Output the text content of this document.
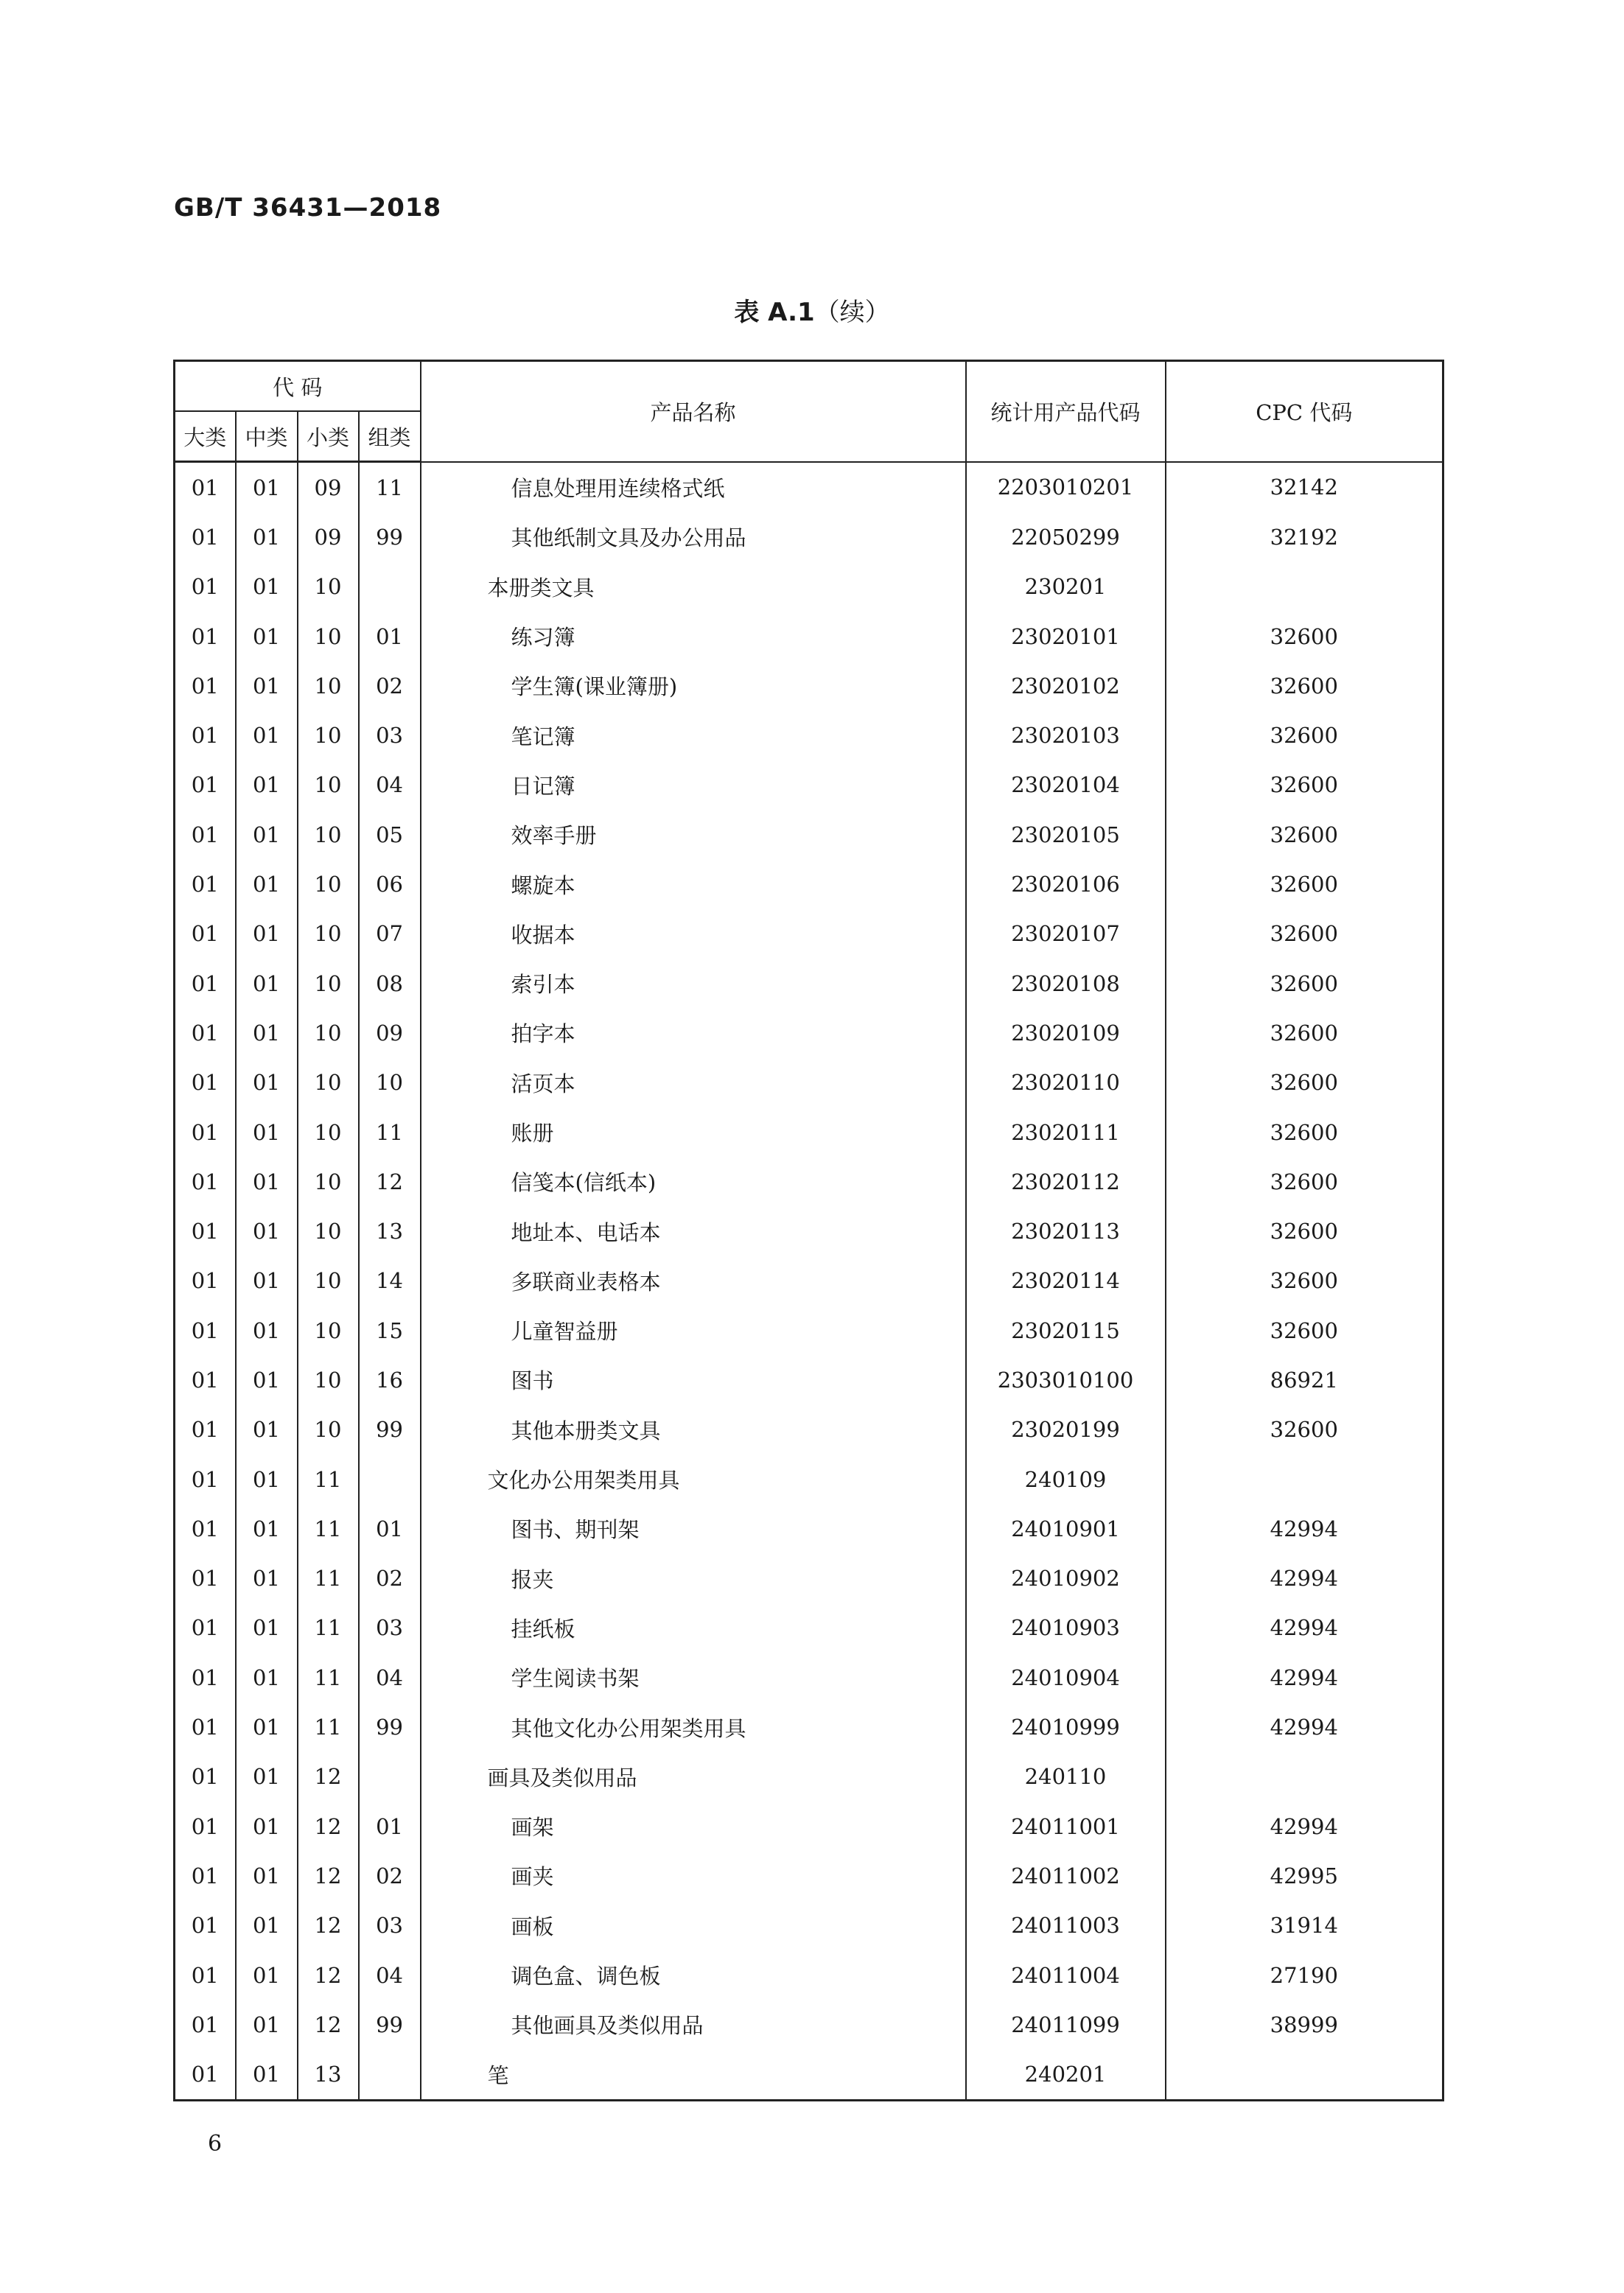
GB/T 36431—2018
表 A.1（续）
代 码				产品名称	统计用产品代码	CPC 代码
大类	中类	小类	组类			
01	01	09	11	信息处理用连续格式纸	2203010201	32142
01	01	09	99	其他纸制文具及办公用品	22050299	32192
01	01	10		本册类文具	230201	
01	01	10	01	练习簿	23020101	32600
01	01	10	02	学生簿(课业簿册)	23020102	32600
01	01	10	03	笔记簿	23020103	32600
01	01	10	04	日记簿	23020104	32600
01	01	10	05	效率手册	23020105	32600
01	01	10	06	螺旋本	23020106	32600
01	01	10	07	收据本	23020107	32600
01	01	10	08	索引本	23020108	32600
01	01	10	09	拍字本	23020109	32600
01	01	10	10	活页本	23020110	32600
01	01	10	11	账册	23020111	32600
01	01	10	12	信笺本(信纸本)	23020112	32600
01	01	10	13	地址本、电话本	23020113	32600
01	01	10	14	多联商业表格本	23020114	32600
01	01	10	15	儿童智益册	23020115	32600
01	01	10	16	图书	2303010100	86921
01	01	10	99	其他本册类文具	23020199	32600
01	01	11		文化办公用架类用具	240109	
01	01	11	01	图书、期刊架	24010901	42994
01	01	11	02	报夹	24010902	42994
01	01	11	03	挂纸板	24010903	42994
01	01	11	04	学生阅读书架	24010904	42994
01	01	11	99	其他文化办公用架类用具	24010999	42994
01	01	12		画具及类似用品	240110	
01	01	12	01	画架	24011001	42994
01	01	12	02	画夹	24011002	42995
01	01	12	03	画板	24011003	31914
01	01	12	04	调色盒、调色板	24011004	27190
01	01	12	99	其他画具及类似用品	24011099	38999
01	01	13		笔	240201	
6
